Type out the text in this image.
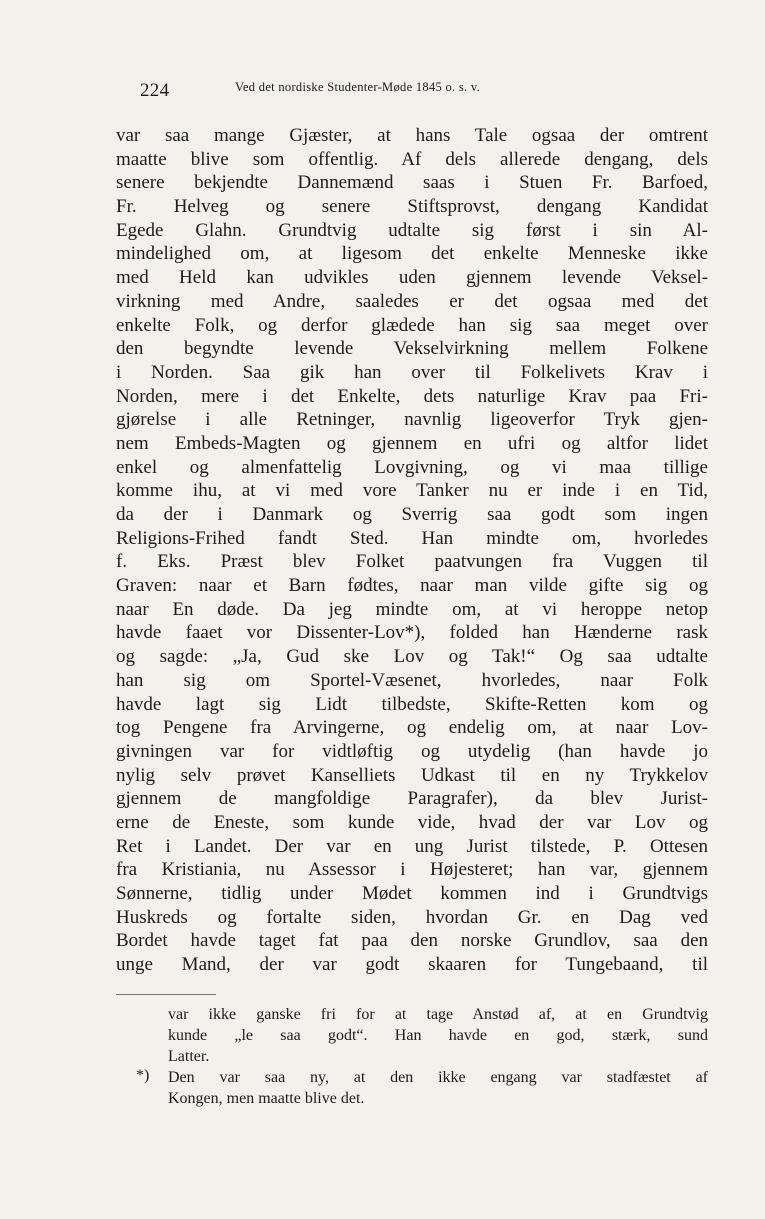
224	Ved det nordiske Studenter-Møde 1845 o. s. v.
var saa mange Gjæster, at hans Tale ogsaa der omtrent
maatte blive som offentlig. Af dels allerede dengang, dels
senere bekjendte Dannemænd saas i Stuen Fr. Barfoed,
Fr. Helveg og senere Stiftsprovst, dengang Kandidat
Egede Glahn. Grundtvig udtalte sig først i sin Al-
mindelighed om, at ligesom det enkelte Menneske ikke
med Held kan udvikles uden gjennem levende Veksel-
virkning med Andre, saaledes er det ogsaa med det
enkelte Folk, og derfor glædede han sig saa meget over
den begyndte levende Vekselvirkning mellem Folkene
i Norden. Saa gik han over til Folkelivets Krav i
Norden, mere i det Enkelte, dets naturlige Krav paa Fri-
gjørelse i alle Retninger, navnlig ligeoverfor Tryk gjen-
nem Embeds-Magten og gjennem en ufri og altfor lidet
enkel og almenfattelig Lovgivning, og vi maa tillige
komme ihu, at vi med vore Tanker nu er inde i en Tid,
da der i Danmark og Sverrig saa godt som ingen
Religions-Frihed fandt Sted. Han mindte om, hvorledes
f. Eks. Præst blev Folket paatvungen fra Vuggen til
Graven: naar et Barn fødtes, naar man vilde gifte sig og
naar En døde. Da jeg mindte om, at vi heroppe netop
havde faaet vor Dissenter-Lov*), folded han Hænderne rask
og sagde: „Ja, Gud ske Lov og Tak!“ Og saa udtalte
han sig om Sportel-Væsenet, hvorledes, naar Folk
havde lagt sig Lidt tilbedste, Skifte-Retten kom og
tog Pengene fra Arvingerne, og endelig om, at naar Lov-
givningen var for vidtløftig og utydelig (han havde jo
nylig selv prøvet Kanselliets Udkast til en ny Trykkelov
gjennem de mangfoldige Paragrafer), da blev Jurist-
erne de Eneste, som kunde vide, hvad der var Lov og
Ret i Landet. Der var en ung Jurist tilstede, P. Ottesen
fra Kristiania, nu Assessor i Højesteret; han var, gjennem
Sønnerne, tidlig under Mødet kommen ind i Grundtvigs
Huskreds og fortalte siden, hvordan Gr. en Dag ved
Bordet havde taget fat paa den norske Grundlov, saa den
unge Mand, der var godt skaaren for Tungebaand, til
var ikke ganske fri for at tage Anstød af, at en Grundtvig
kunde „le saa godt“. Han havde en god, stærk, sund
Latter.
*) Den var saa ny, at den ikke engang var stadfæstet af
Kongen, men maatte blive det.
